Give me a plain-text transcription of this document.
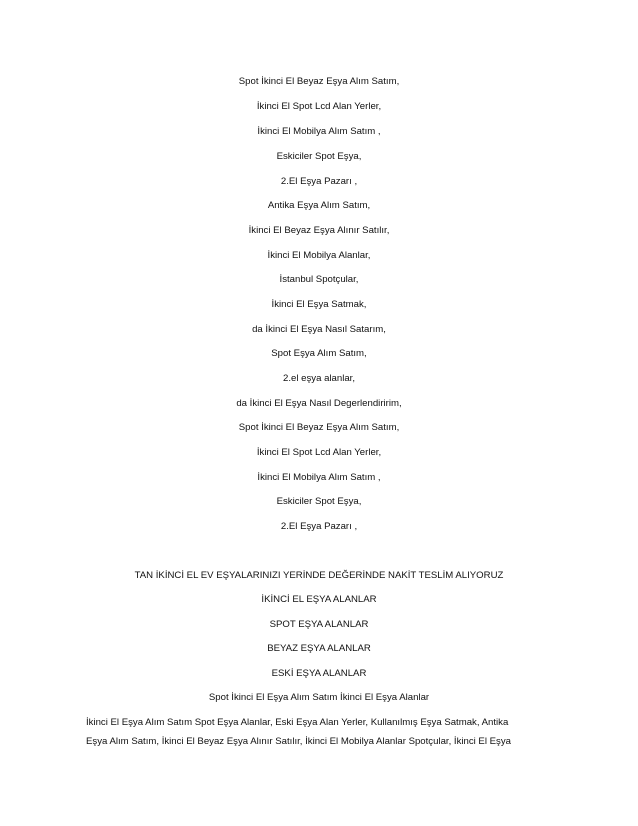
Spot İkinci El Beyaz Eşya Alım Satım,
İkinci El Spot Lcd Alan Yerler,
İkinci El Mobilya Alım Satım ,
Eskiciler Spot Eşya,
2.El Eşya Pazarı ,
Antika Eşya Alım Satım,
İkinci El Beyaz Eşya Alınır Satılır,
İkinci El Mobilya Alanlar,
İstanbul Spotçular,
İkinci El Eşya Satmak,
da İkinci El Eşya Nasıl Satarım,
Spot Eşya Alım Satım,
2.el eşya alanlar,
da İkinci El Eşya Nasıl Degerlendiririm,
Spot İkinci El Beyaz Eşya Alım Satım,
İkinci El Spot Lcd Alan Yerler,
İkinci El Mobilya Alım Satım ,
Eskiciler Spot Eşya,
2.El Eşya Pazarı ,
TAN İKİNCİ EL EV EŞYALARINIZI YERİNDE DEĞERİNDE NAKİT TESLİM ALIYORUZ
İKİNCİ EL EŞYA ALANLAR
SPOT EŞYA ALANLAR
BEYAZ EŞYA ALANLAR
ESKİ EŞYA ALANLAR
Spot İkinci El Eşya Alım Satım İkinci El Eşya Alanlar
İkinci El Eşya Alım Satım Spot Eşya Alanlar, Eski Eşya Alan Yerler, Kullanılmış Eşya Satmak, Antika
Eşya Alım Satım, İkinci El Beyaz Eşya Alınır Satılır, İkinci El Mobilya Alanlar Spotçular, İkinci El Eşya
